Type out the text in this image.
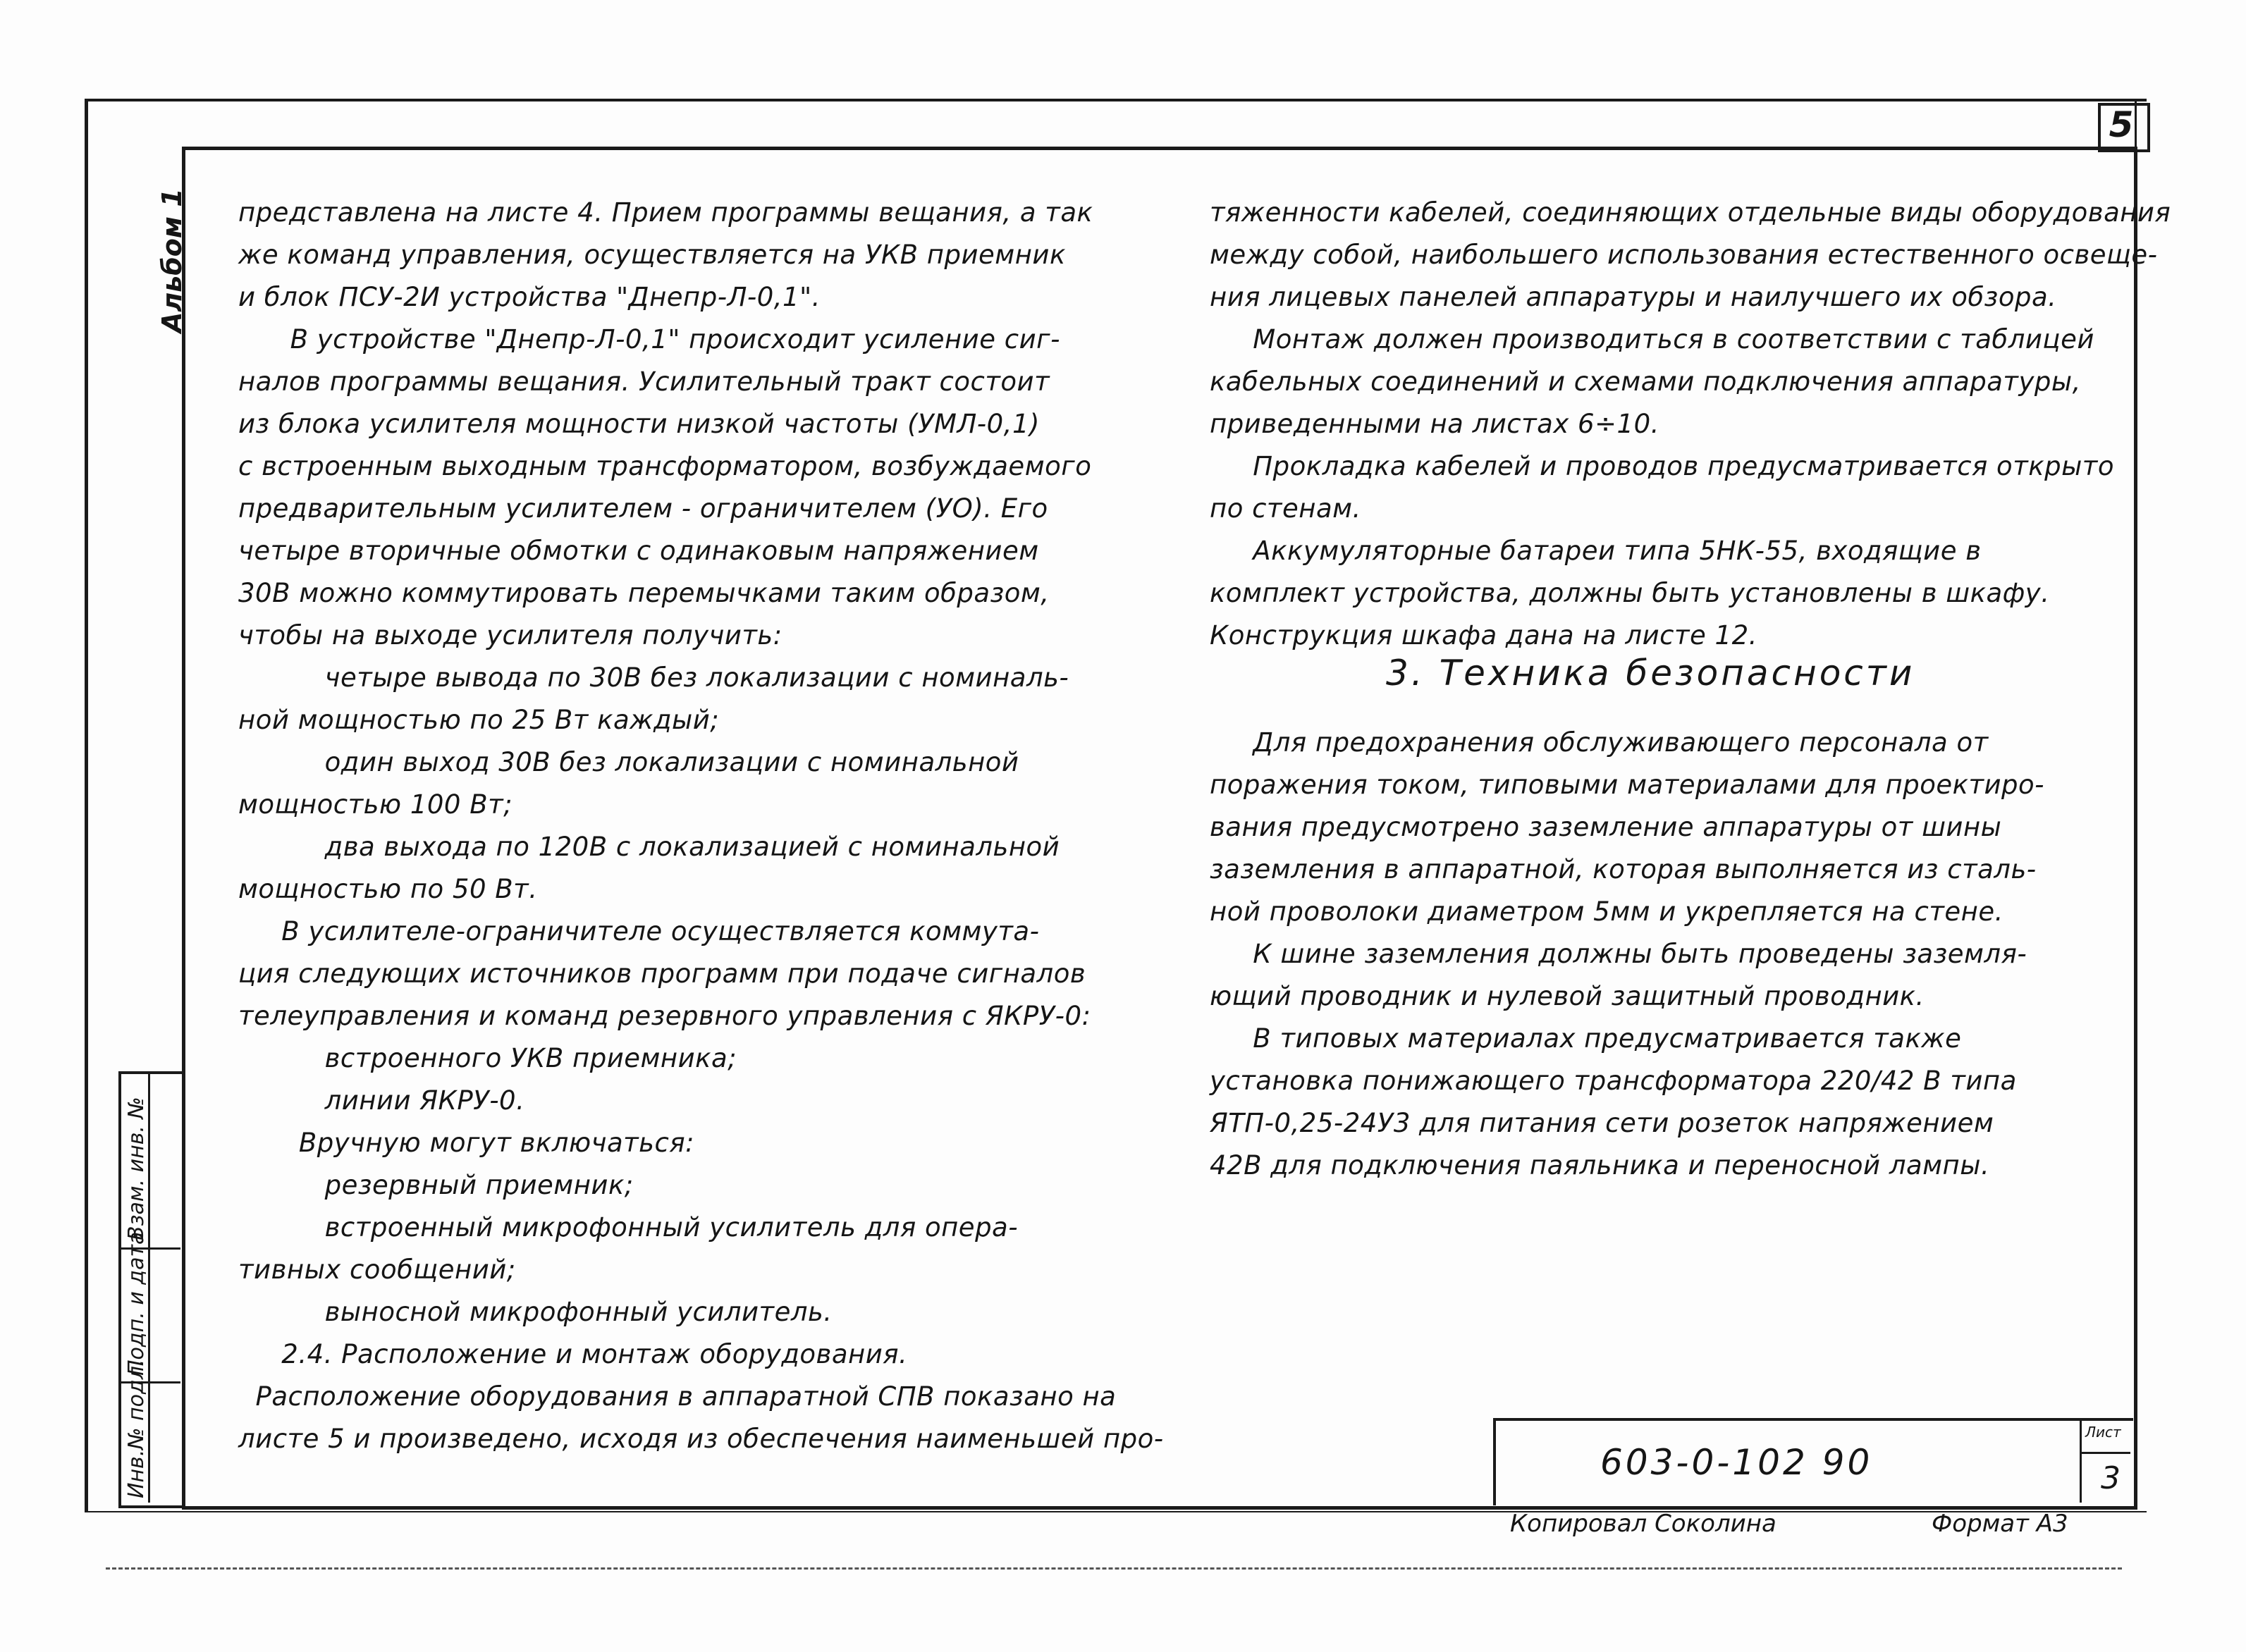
5
Альбом 1
Инв.№ подл.
Подп. и дата
Взам. инв. №
представлена на листе 4. Прием программы вещания, а так
же команд управления, осуществляется на УКВ приемник
и блок ПСУ-2И устройства "Днепр-Л-0,1".
В устройстве "Днепр-Л-0,1" происходит усиление сиг-
налов программы вещания. Усилительный тракт состоит
из блока усилителя мощности низкой частоты (УМЛ-0,1)
с встроенным выходным трансформатором, возбуждаемого
предварительным усилителем - ограничителем (УО). Его
четыре вторичные обмотки с одинаковым напряжением
30В можно коммутировать перемычками таким образом,
чтобы на выходе усилителя получить:
четыре вывода по 30В без локализации с номиналь-
ной мощностью по 25 Вт каждый;
один выход 30В без локализации с номинальной
мощностью 100 Вт;
два выхода по 120В с локализацией с номинальной
мощностью по 50 Вт.
В усилителе-ограничителе осуществляется коммута-
ция следующих источников программ при подаче сигналов
телеуправления и команд резервного управления с ЯКРУ-0:
встроенного УКВ приемника;
линии ЯКРУ-0.
Вручную могут включаться:
резервный приемник;
встроенный микрофонный усилитель для опера-
тивных сообщений;
выносной микрофонный усилитель.
2.4. Расположение и монтаж оборудования.
Расположение оборудования в аппаратной СПВ показано на
листе 5 и произведено, исходя из обеспечения наименьшей про-
тяженности кабелей, соединяющих отдельные виды оборудования
между собой, наибольшего использования естественного освеще-
ния лицевых панелей аппаратуры и наилучшего их обзора.
Монтаж должен производиться в соответствии с таблицей
кабельных соединений и схемами подключения аппаратуры,
приведенными на листах 6÷10.
Прокладка кабелей и проводов предусматривается открыто
по стенам.
Аккумуляторные батареи типа 5НК-55, входящие в
комплект устройства, должны быть установлены в шкафу.
Конструкция шкафа дана на листе 12.
3. Техника безопасности
Для предохранения обслуживающего персонала от
поражения током, типовыми материалами для проектиро-
вания предусмотрено заземление аппаратуры от шины
заземления в аппаратной, которая выполняется из сталь-
ной проволоки диаметром 5мм и укрепляется на стене.
К шине заземления должны быть проведены заземля-
ющий проводник и нулевой защитный проводник.
В типовых материалах предусматривается также
установка понижающего трансформатора 220/42 В типа
ЯТП-0,25-24У3 для питания сети розеток напряжением
42В для подключения паяльника и переносной лампы.
603-0-102 90
Лист
3
Копировал Соколина	Формат А3
